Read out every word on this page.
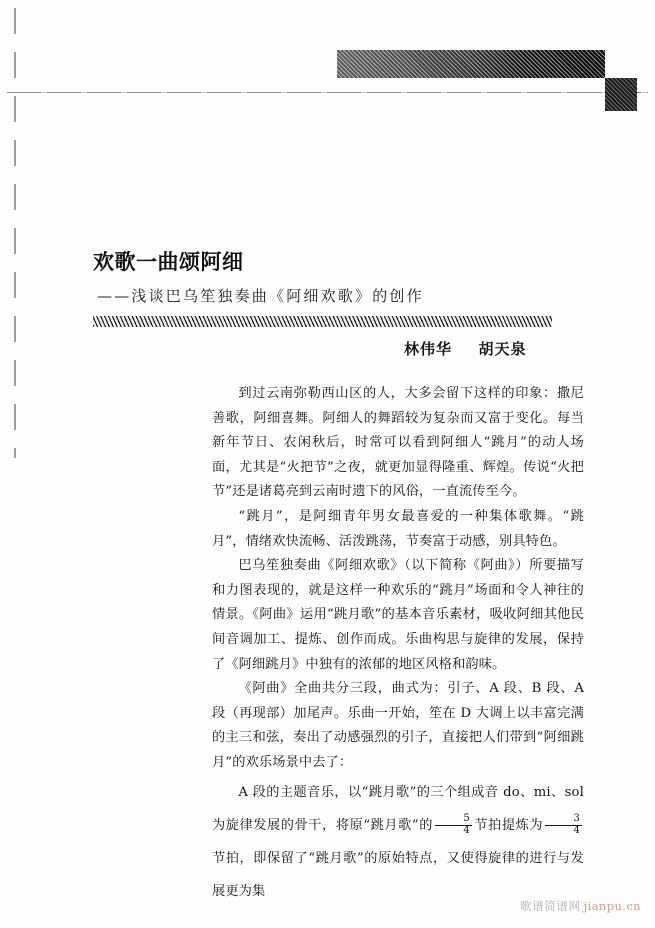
欢歌一曲颂阿细
——浅谈巴乌笙独奏曲《阿细欢歌》的创作
林伟华 胡天泉

到过云南弥勒西山区的人，大多会留下这样的印象：撒尼善歌，阿细喜舞。阿细人的舞蹈较为复杂而又富于变化。每当新年节日、农闲秋后，时常可以看到阿细人“跳月”的动人场面，尤其是“火把节”之夜，就更加显得隆重、辉煌。传说“火把节”还是诸葛亮到云南时遗下的风俗，一直流传至今。

“跳月”，是阿细青年男女最喜爱的一种集体歌舞。“跳月”，情绪欢快流畅、活泼跳荡，节奏富于动感，别具特色。

巴乌笙独奏曲《阿细欢歌》（以下简称《阿曲》）所要描写和力图表现的，就是这样一种欢乐的“跳月”场面和令人神往的情景。《阿曲》运用“跳月歌”的基本音乐素材，吸收阿细其他民间音调加工、提炼、创作而成。乐曲构思与旋律的发展，保持了《阿细跳月》中独有的浓郁的地区风格和韵味。

《阿曲》全曲共分三段，曲式为：引子、A 段、B 段、A 段（再现部）加尾声。乐曲一开始，笙在 D 大调上以丰富完满的主三和弦，奏出了动感强烈的引子，直接把人们带到“阿细跳月”的欢乐场景中去了：

A 段的主题音乐，以“跳月歌”的三个组成音 do、mi、sol 为旋律发展的骨干，将原“跳月歌”的 $\frac{5}{4}$ 节拍提炼为 $\frac{3}{4}$
节拍，即保留了“跳月歌”的原始特点，又使得旋律的进行与发展更为集

歌谱简谱网 jianpu.cn
